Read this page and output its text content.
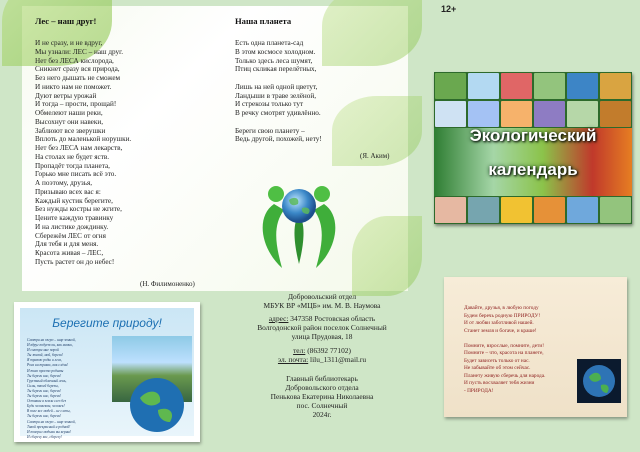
Лес – наш друг!
И не сразу, и не вдруг,
Мы узнали: ЛЕС – наш друг.
Нет без ЛЕСА кислорода,
Сникнет сразу вся природа,
Без него дышать не сможем
И никто нам не поможет.
Дуют ветры урожай
И тогда – прости, прощай!
Обмелеют наши реки,
Высохнут они навеки,
Заблюют все зверушки
Вплоть до маленькой норушки.
Нет без ЛЕСА нам лекарств,
На столах не будет яств.
Пропадёт тогда планета,
Горько мне писать всё это.
А поэтому, друзья,
Призываю всех вас я:
Каждый кустик берегите,
Без нужды костры не жгите,
Цените каждую травинку
И на листике дождинку.
Сбережём ЛЕС от огня
Для тебя и для меня.
Красота живая – ЛЕС,
Пусть растет он до небес!
(Н. Филимоненко)
Наша планета
Есть одна планета-сад
В этом космосе холодном.
Только здесь леса шумят,
Птиц скликая перелётных,

Лишь на ней одной цветут,
Ландыши в траве зелёной,
И стрекозы только тут
В речку смотрят удивлённо.

Береги свою планету –
Ведь другой, похожей, нету!
(Я. Аким)
12+
Экологический
календарь
Давайте, друзья, в любую погоду
Будем беречь родную ПРИРОДУ!
И от любви заботливой нашей.
Станет земля и богаче, и краше!

Помните, взрослые, помните, дети!
Помните – что, красота на планете,
Будет зависеть только от нас.
Не забывайте об этом сейчас.
Планету живую сберечь для народа.
И пусть восхваляет тебя жизни
- ПРИРОДА!
Берегите природу!
Смотри на озеро – шар земной,
И вдруг подует он, как мячик,
И смотри мне порой
Ты живой, мой, береги!
Я травою роды и леса,
Роса на травах, как слёзы!
И тихо просто родимы
Ты береги нас, береги!
Грустный облачный лень,
Силы, твоей березы,
Ты береги нас, береги!
Ты береги нас, береги!
Оставим я земли слез без
Будь человеком, человек!
В поле все людей – не слепы,
Ты береги нас, береги!
Смотри на озеро – шар земной,
Такой прекрасный и родной!
И поверил людьми вы верны!
И сберегу вас, сберегу!
Добровольский отдел
МБУК ВР «МЦБ» им. М. В. Наумова
адрес: 347358 Ростовская область
Волгодонской район поселок Солнечный
улица Прудовая, 18
тел: (86392 77102)
эл. почта: lilu_1311@mail.ru
Главный библиотекарь
Добровольского отдела
Пенькова Екатерина Николаевна
пос. Солнечный
2024г.
